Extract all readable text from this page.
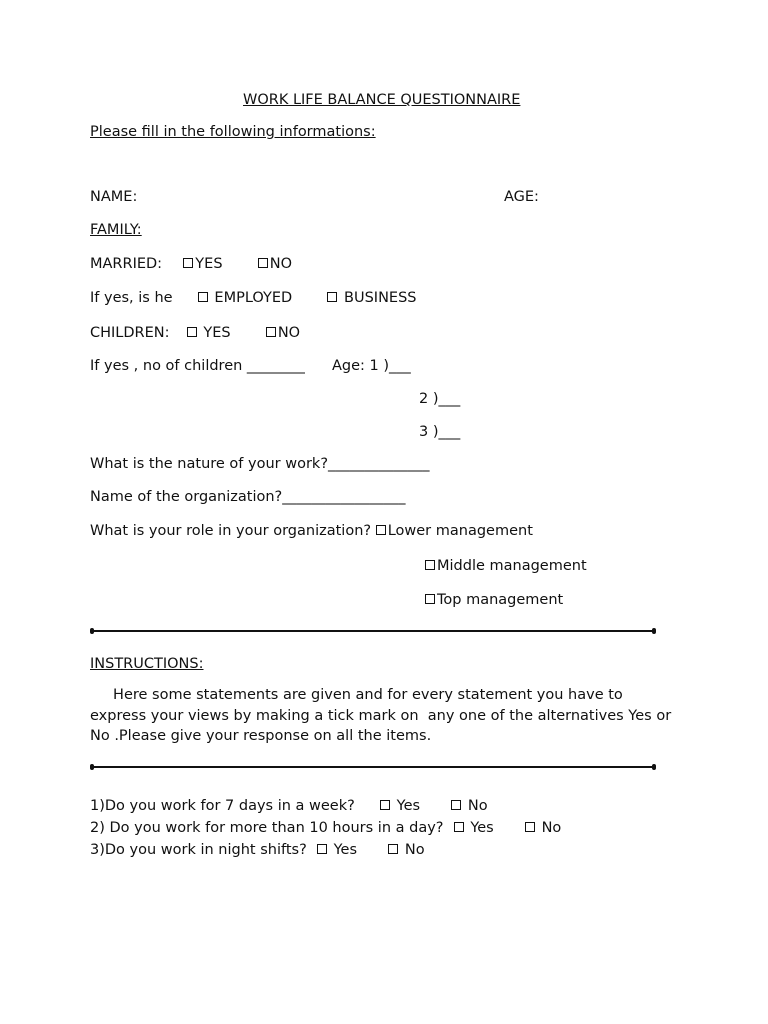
WORK LIFE BALANCE QUESTIONNAIRE
Please fill in the following informations:
NAME:	AGE:
FAMILY:
MARRIED: YES	NO
If yes, is he	EMPLOYED	BUSINESS
CHILDREN: YES	NO
If yes , no of children ________ Age: 1 )___
2 )___
3 )___
What is the nature of your work?______________
Name of the organization?_________________
What is your role in your organization? Lower management
Middle management
Top management
INSTRUCTIONS:
Here some statements are given and for every statement you have to express your views by making a tick mark on  any one of the alternatives Yes or No .Please give your response on all the items.
1)Do you work for 7 days in a week?	Yes	No
2) Do you work for more than 10 hours in a day? Yes	No
3)Do you work in night shifts? Yes	No
